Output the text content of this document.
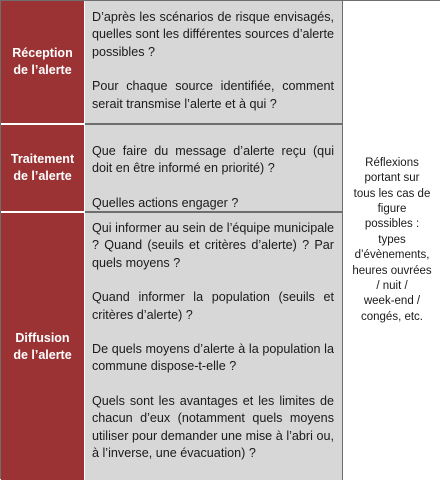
Réception
de l’alerte

D’après les scénarios de risque envisagés, quelles sont les différentes sources d’alerte possibles ?

Pour chaque source identifiée, comment serait transmise l’alerte et à qui ?

Réflexions
portant sur
tous les cas de
figure
possibles :
types
d’évènements,
heures ouvrées
/ nuit /
week-end /
congés, etc.
Traitement
de l’alerte

Que faire du message d’alerte reçu (qui doit en être informé en priorité) ?

Quelles actions engager ?

Diffusion
de l’alerte

Qui informer au sein de l’équipe municipale ? Quand (seuils et critères d’alerte) ? Par quels moyens ?

Quand informer la population (seuils et critères d’alerte) ?

De quels moyens d’alerte à la population la commune dispose-t-elle ?

Quels sont les avantages et les limites de chacun d’eux (notamment quels moyens utiliser pour demander une mise à l’abri ou, à l’inverse, une évacuation) ?
